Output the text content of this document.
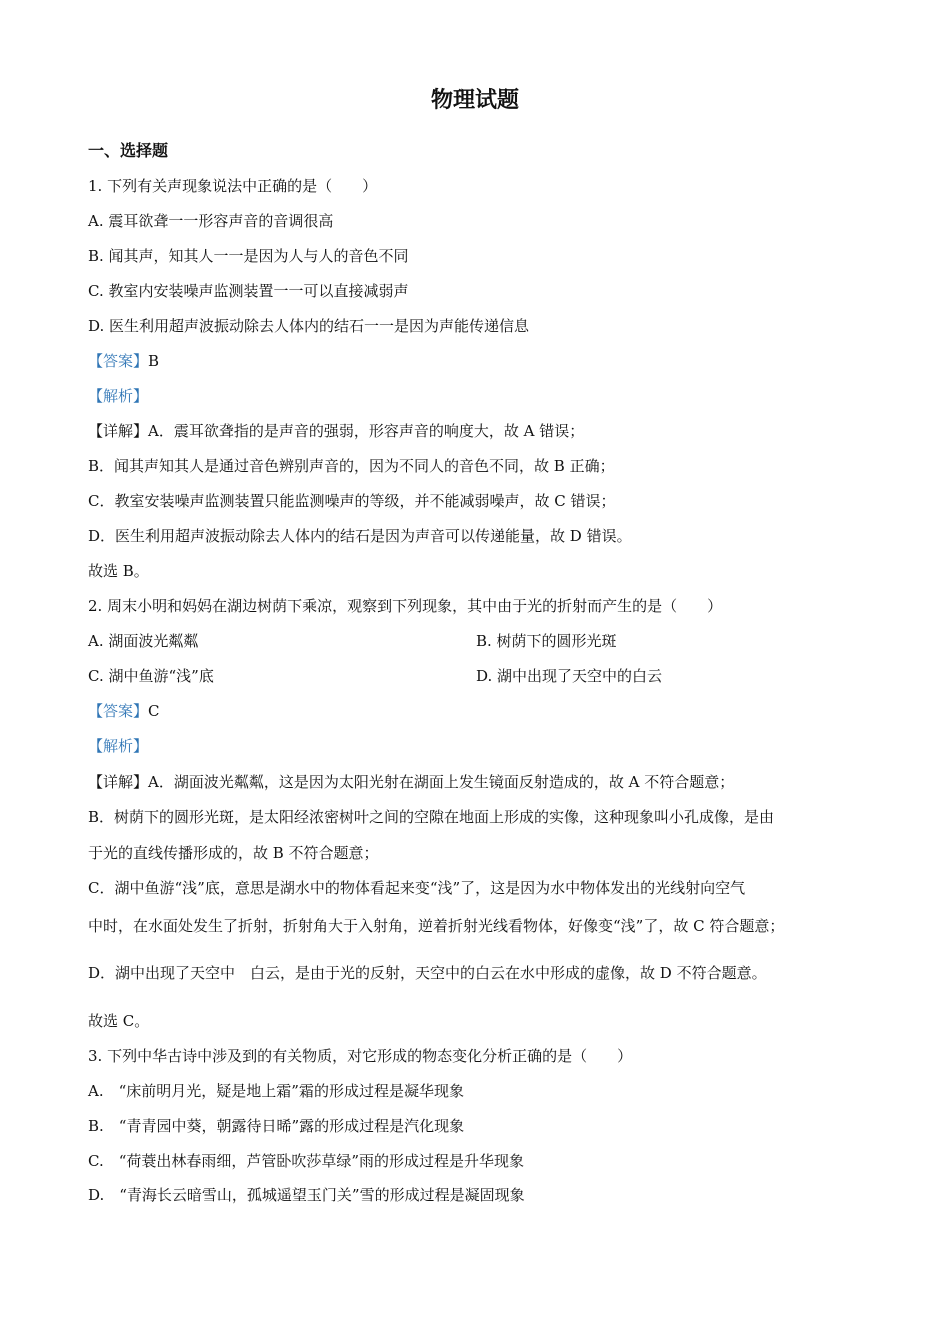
物理试题
一、选择题
1. 下列有关声现象说法中正确的是（　　）
A. 震耳欲聋一一形容声音的音调很高
B. 闻其声，知其人一一是因为人与人的音色不同
C. 教室内安装噪声监测装置一一可以直接减弱声
D. 医生利用超声波振动除去人体内的结石一一是因为声能传递信息
【答案】B
【解析】
【详解】A．震耳欲聋指的是声音的强弱，形容声音的响度大，故 A 错误；
B．闻其声知其人是通过音色辨别声音的，因为不同人的音色不同，故 B 正确；
C．教室安装噪声监测装置只能监测噪声的等级，并不能减弱噪声，故 C 错误；
D．医生利用超声波振动除去人体内的结石是因为声音可以传递能量，故 D 错误。
故选 B。
2. 周末小明和妈妈在湖边树荫下乘凉，观察到下列现象，其中由于光的折射而产生的是（　　）
A. 湖面波光粼粼	B. 树荫下的圆形光斑
C. 湖中鱼游“浅”底	D. 湖中出现了天空中的白云
【答案】C
【解析】
【详解】A．湖面波光粼粼，这是因为太阳光射在湖面上发生镜面反射造成的，故 A 不符合题意；
B．树荫下的圆形光斑，是太阳经浓密树叶之间的空隙在地面上形成的实像，这种现象叫小孔成像，是由
于光的直线传播形成的，故 B 不符合题意；
C．湖中鱼游“浅”底，意思是湖水中的物体看起来变“浅”了，这是因为水中物体发出的光线射向空气
中时，在水面处发生了折射，折射角大于入射角，逆着折射光线看物体，好像变“浅”了，故 C 符合题意；
D．湖中出现了天空中　白云，是由于光的反射，天空中的白云在水中形成的虚像，故 D 不符合题意。
故选 C。
3. 下列中华古诗中涉及到的有关物质，对它形成的物态变化分析正确的是（　　）
A.　“床前明月光，疑是地上霜”霜的形成过程是凝华现象
B.　“青青园中葵，朝露待日晞”露的形成过程是汽化现象
C.　“荷蓑出林春雨细，芦管卧吹莎草绿”雨的形成过程是升华现象
D.　“青海长云暗雪山，孤城遥望玉门关”雪的形成过程是凝固现象
